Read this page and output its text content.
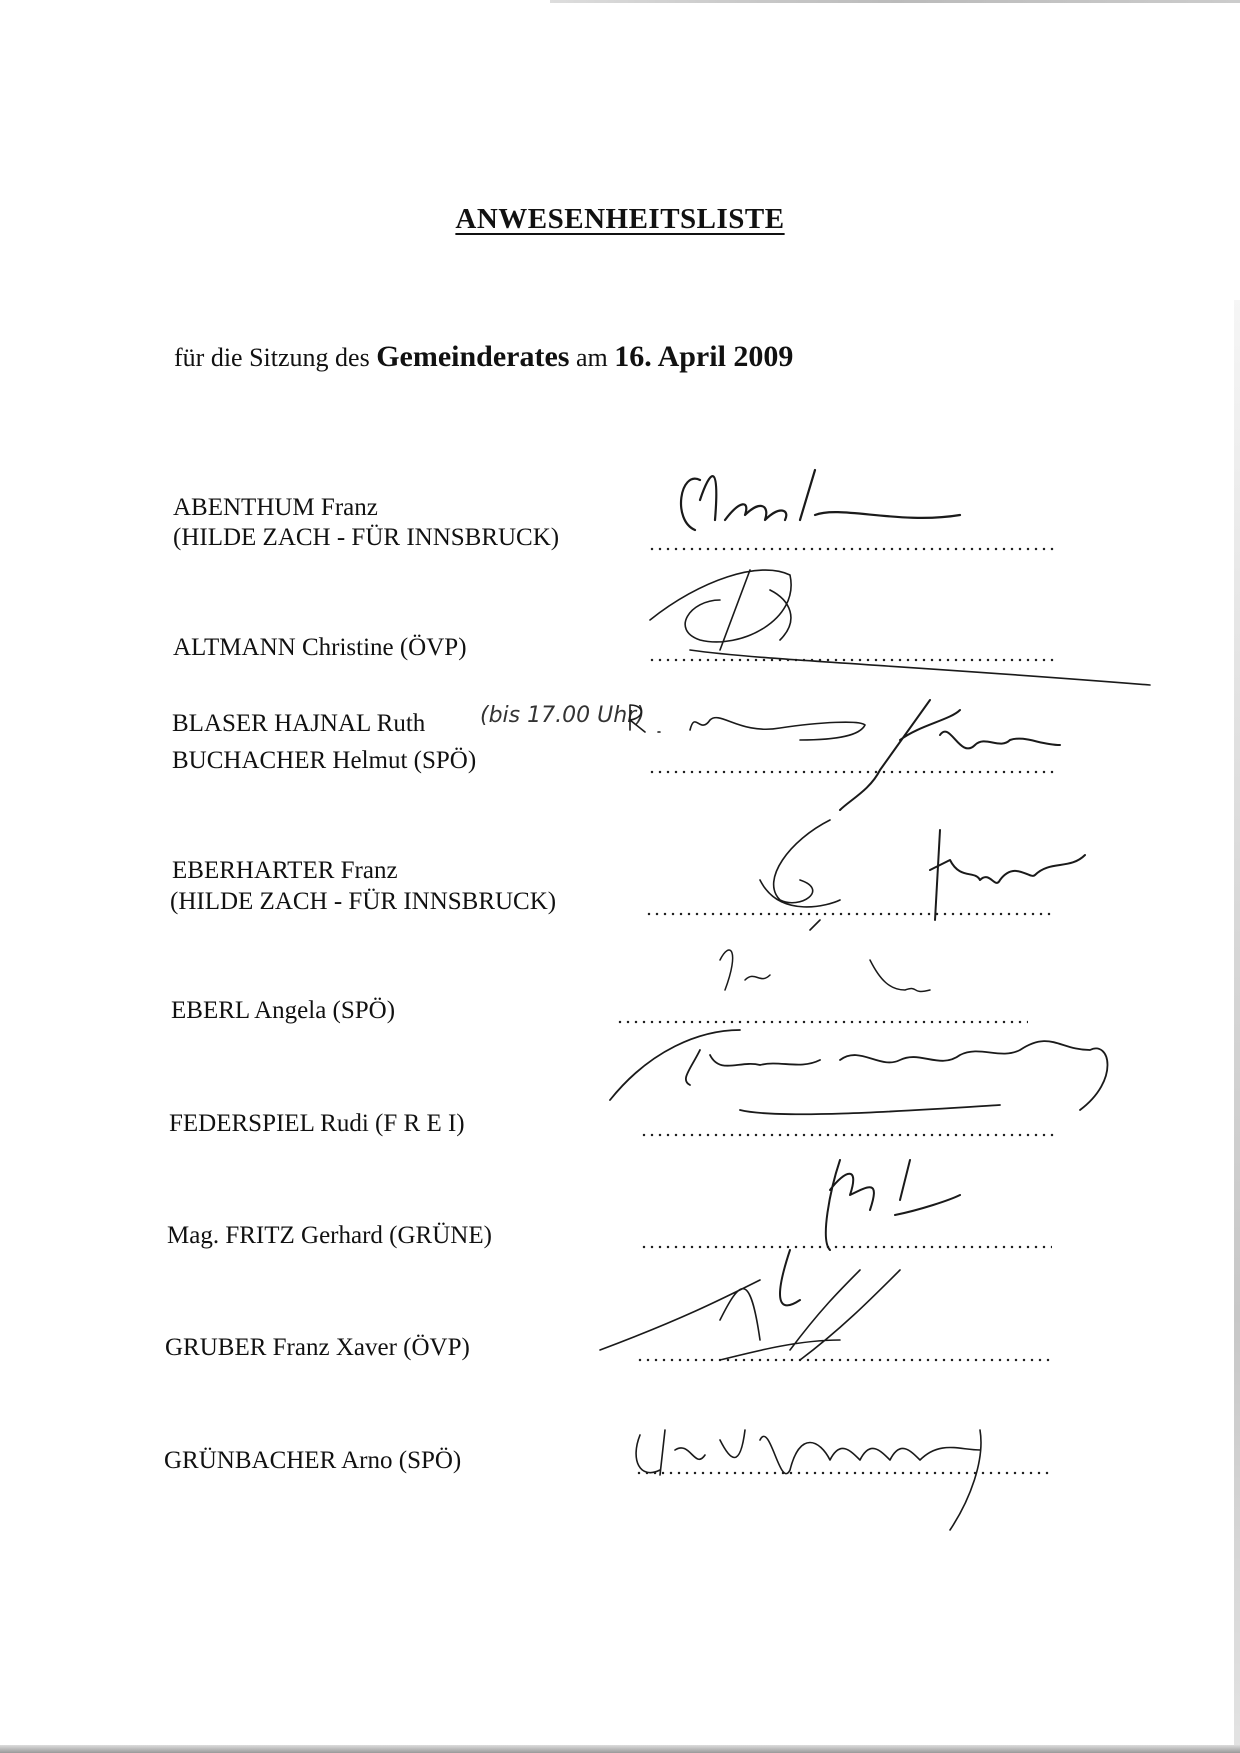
ANWESENHEITSLISTE
für die Sitzung des Gemeinderates am 16. April 2009
ABENTHUM Franz
(HILDE ZACH - FÜR INNSBRUCK)
ALTMANN Christine (ÖVP)
BLASER HAJNAL Ruth (bis 17.00 Uhr)
BUCHACHER Helmut (SPÖ)
EBERHARTER Franz
(HILDE ZACH - FÜR INNSBRUCK)
EBERL Angela (SPÖ)
FEDERSPIEL Rudi (F R E I)
Mag. FRITZ Gerhard (GRÜNE)
GRUBER Franz Xaver (ÖVP)
GRÜNBACHER Arno (SPÖ)
